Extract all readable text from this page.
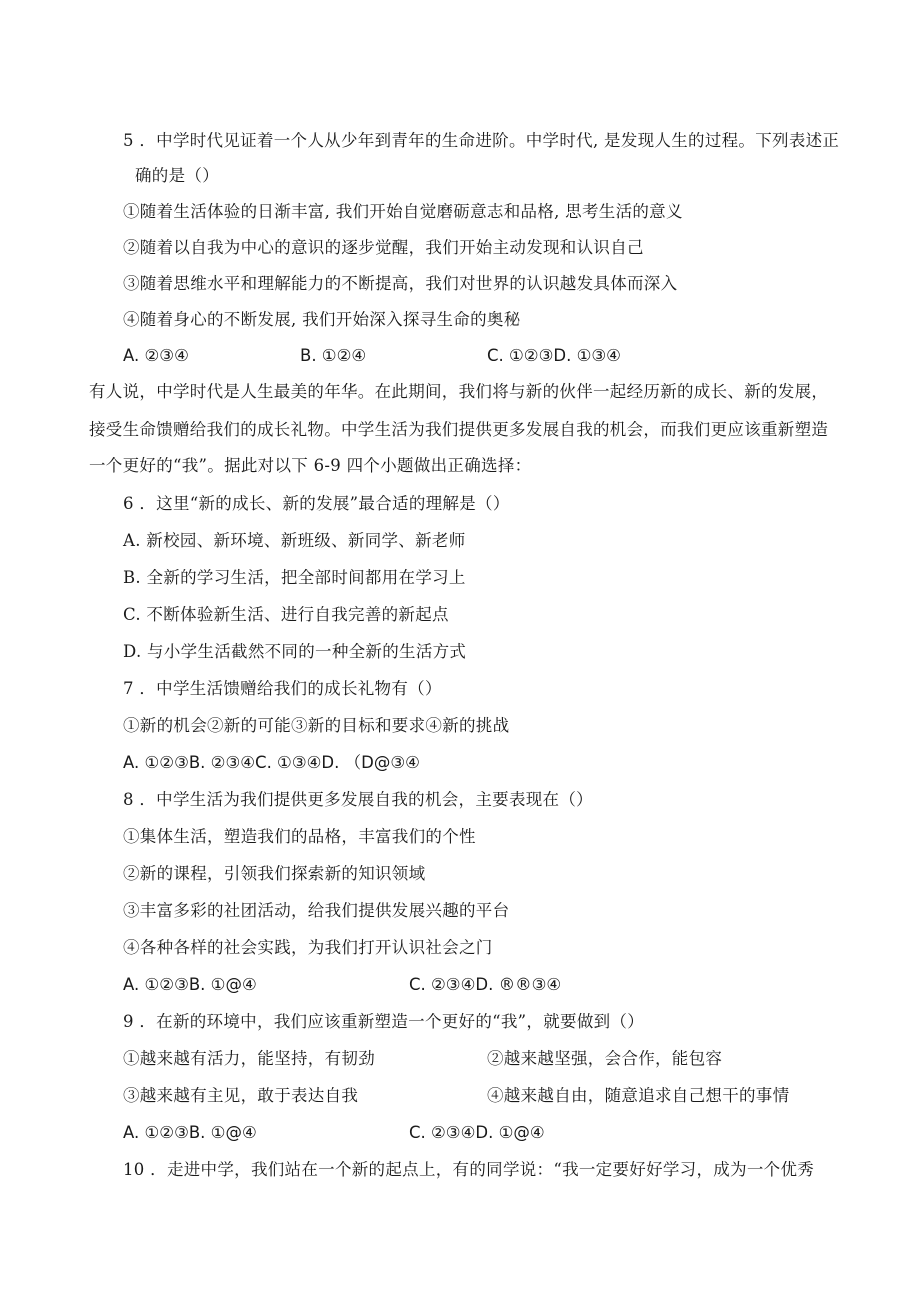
5 ．中学时代见证着一个人从少年到青年的生命进阶。中学时代, 是发现人生的过程。下列表述正
确的是（）
①随着生活体验的日渐丰富, 我们开始自觉磨砺意志和品格, 思考生活的意义
②随着以自我为中心的意识的逐步觉醒，我们开始主动发现和认识自己
③随着思维水平和理解能力的不断提高，我们对世界的认识越发具体而深入
④随着身心的不断发展, 我们开始深入探寻生命的奥秘
A. ②③④	B. ①②④	C. ①②③D. ①③④
有人说，中学时代是人生最美的年华。在此期间，我们将与新的伙伴一起经历新的成长、新的发展，
接受生命馈赠给我们的成长礼物。中学生活为我们提供更多发展自我的机会，而我们更应该重新塑造
一个更好的“我”。据此对以下 6-9 四个小题做出正确选择：
6 ．这里“新的成长、新的发展”最合适的理解是（）
A. 新校园、新环境、新班级、新同学、新老师
B. 全新的学习生活，把全部时间都用在学习上
C. 不断体验新生活、进行自我完善的新起点
D. 与小学生活截然不同的一种全新的生活方式
7 ．中学生活馈赠给我们的成长礼物有（）
①新的机会②新的可能③新的目标和要求④新的挑战
A. ①②③B. ②③④C. ①③④D. （D@③④
8 ．中学生活为我们提供更多发展自我的机会，主要表现在（）
①集体生活，塑造我们的品格，丰富我们的个性
②新的课程，引领我们探索新的知识领域
③丰富多彩的社团活动，给我们提供发展兴趣的平台
④各种各样的社会实践，为我们打开认识社会之门
A. ①②③B. ①@④	C. ②③④D. ®®③④
9 ．在新的环境中，我们应该重新塑造一个更好的“我”，就要做到（）
①越来越有活力，能坚持，有韧劲	②越来越坚强，会合作，能包容
③越来越有主见，敢于表达自我	④越来越自由，随意追求自己想干的事情
A. ①②③B. ①@④	C. ②③④D. ①@④
10 ．走进中学，我们站在一个新的起点上，有的同学说：“我一定要好好学习，成为一个优秀
